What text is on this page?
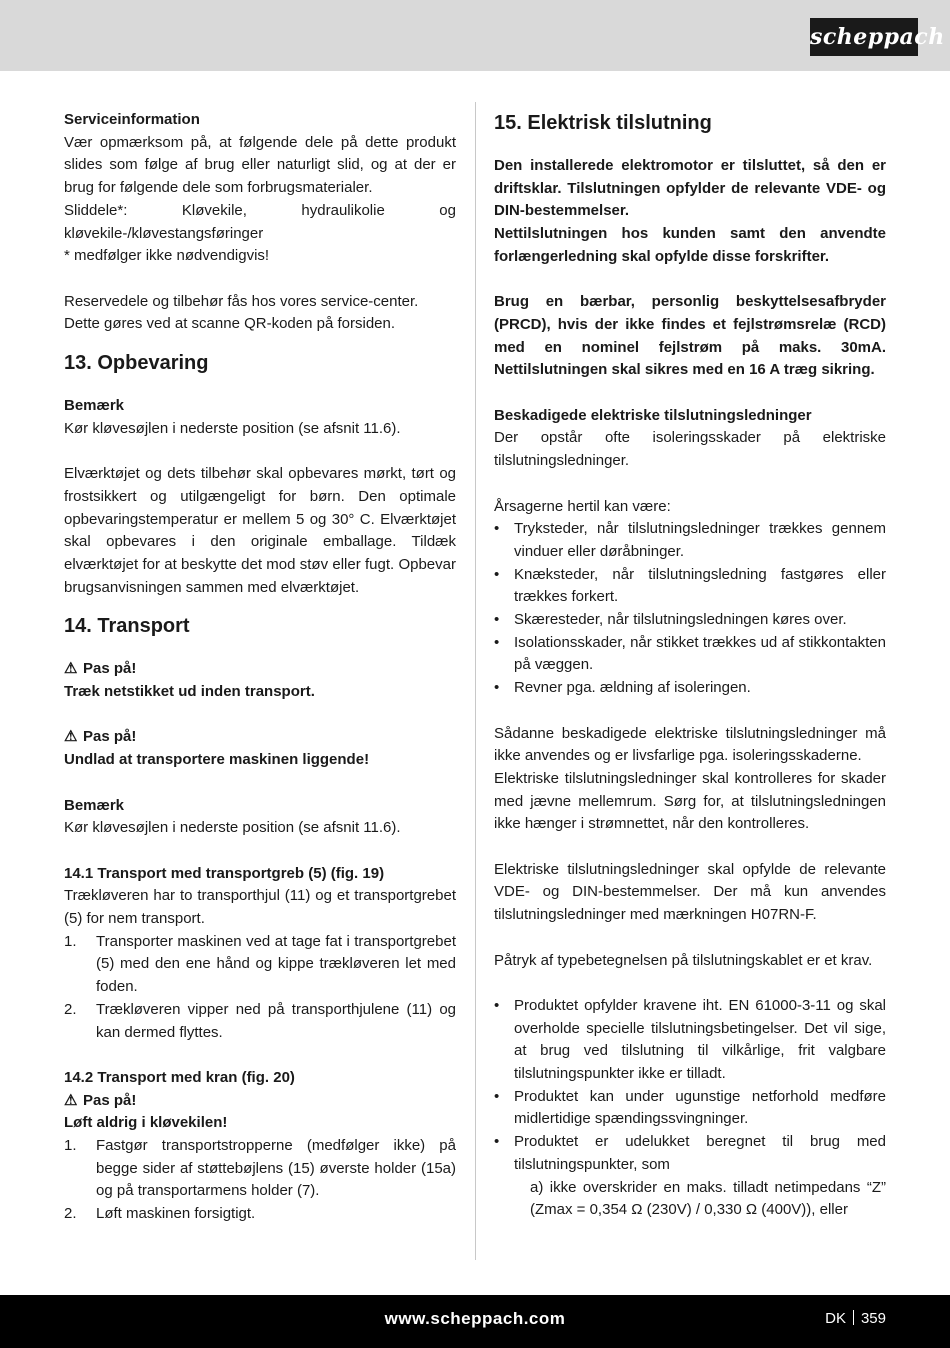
scheppach

Serviceinformation

Vær opmærksom på, at følgende dele på dette produkt slides som følge af brug eller naturligt slid, og at der er brug for følgende dele som forbrugsmaterialer.

Sliddele*: Kløvekile, hydraulikolie og kløvekile-/kløvestangsføringer

* medfølger ikke nødvendigvis!

Reservedele og tilbehør fås hos vores service-center. Dette gøres ved at scanne QR-koden på forsiden.

13. Opbevaring

Bemærk

Kør kløvesøjlen i nederste position (se afsnit 11.6).

Elværktøjet og dets tilbehør skal opbevares mørkt, tørt og frostsikkert og utilgængeligt for børn. Den optimale opbevaringstemperatur er mellem 5 og 30° C. Elværktøjet skal opbevares i den originale emballage. Tildæk elværktøjet for at beskytte det mod støv eller fugt. Opbevar brugsanvisningen sammen med elværktøjet.

14. Transport

⚠ Pas på!

Træk netstikket ud inden transport.

⚠ Pas på!

Undlad at transportere maskinen liggende!

Bemærk

Kør kløvesøjlen i nederste position (se afsnit 11.6).

14.1 Transport med transportgreb (5) (fig. 19)

Trækløveren har to transporthjul (11) og et transportgrebet (5) for nem transport.

1. Transporter maskinen ved at tage fat i transportgrebet (5) med den ene hånd og kippe trækløveren let med foden.
2. Trækløveren vipper ned på transporthjulene (11) og kan dermed flyttes.

14.2 Transport med kran (fig. 20)

⚠ Pas på!

Løft aldrig i kløvekilen!

1. Fastgør transportstropperne (medfølger ikke) på begge sider af støttebøjlens (15) øverste holder (15a) og på transportarmens holder (7).
2. Løft maskinen forsigtigt.
15. Elektrisk tilslutning

Den installerede elektromotor er tilsluttet, så den er driftsklar. Tilslutningen opfylder de relevante VDE- og DIN-bestemmelser.

Nettilslutningen hos kunden samt den anvendte forlængerledning skal opfylde disse forskrifter.

Brug en bærbar, personlig beskyttelsesafbryder (PRCD), hvis der ikke findes et fejlstrømsrelæ (RCD) med en nominel fejlstrøm på maks. 30mA. Nettilslutningen skal sikres med en 16 A træg sikring.

Beskadigede elektriske tilslutningsledninger

Der opstår ofte isoleringsskader på elektriske tilslutningsledninger.

Årsagerne hertil kan være:

• Tryksteder, når tilslutningsledninger trækkes gennem vinduer eller døråbninger.
• Knæksteder, når tilslutningsledning fastgøres eller trækkes forkert.
• Skæresteder, når tilslutningsledningen køres over.
• Isolationsskader, når stikket trækkes ud af stikkontakten på væggen.
• Revner pga. ældning af isoleringen.

Sådanne beskadigede elektriske tilslutningsledninger må ikke anvendes og er livsfarlige pga. isoleringsskaderne.

Elektriske tilslutningsledninger skal kontrolleres for skader med jævne mellemrum. Sørg for, at tilslutningsledningen ikke hænger i strømnettet, når den kontrolleres.

Elektriske tilslutningsledninger skal opfylde de relevante VDE- og DIN-bestemmelser. Der må kun anvendes tilslutningsledninger med mærkningen H07RN-F.

Påtryk af typebetegnelsen på tilslutningskablet er et krav.

• Produktet opfylder kravene iht. EN 61000-3-11 og skal overholde specielle tilslutningsbetingelser. Det vil sige, at brug ved tilslutning til vilkårlige, frit valgbare tilslutningspunkter ikke er tilladt.
• Produktet kan under ugunstige netforhold medføre midlertidige spændingssvingninger.
• Produktet er udelukket beregnet til brug med tilslutningspunkter, som
a) ikke overskrider en maks. tilladt netimpedans “Z” (Zmax = 0,354 Ω (230V) / 0,330 Ω (400V)), eller
www.scheppach.com	DK 359
